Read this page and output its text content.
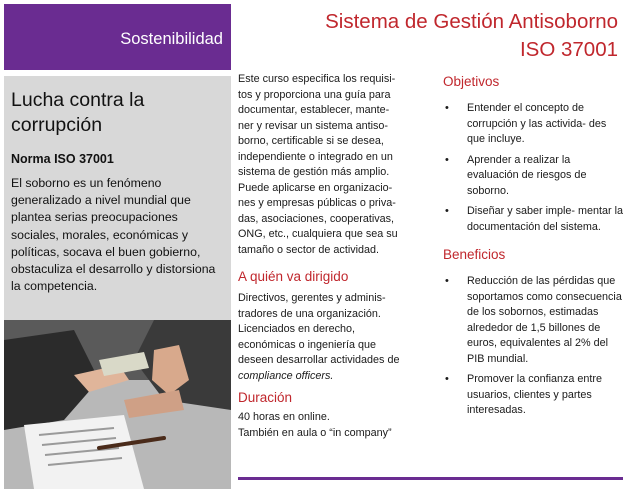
Sostenibilidad
Lucha contra la
corrupción
Norma ISO 37001
El soborno es un fenómeno generalizado a nivel mundial que plantea serias preocupaciones sociales, morales, económicas y políticas, socava el buen gobierno, obstaculiza el desarrollo y distorsiona la competencia.
Sistema de Gestión Antisoborno
ISO 37001
Este curso especifica los requisi-
tos y proporciona una guía para
documentar, establecer, mante-
ner y revisar un sistema antiso-
borno, certificable si se desea,
independiente o integrado en un
sistema de gestión más amplio.
Puede aplicarse en organizacio-
nes y empresas públicas o priva-
das, asociaciones, cooperativas,
ONG, etc., cualquiera que sea su
tamaño o sector de actividad.
A quién va dirigido
Directivos, gerentes y adminis-
tradores de una organización.
Licenciados en derecho,
económicas o ingeniería que
deseen desarrollar actividades de
compliance officers.
Duración
40 horas en online.
También en aula o “in company”
Objetivos
• Entender el concepto de corrupción y las activida- des que incluye.
• Aprender a realizar la evaluación de riesgos de soborno.
• Diseñar y saber imple- mentar la documentación del sistema.
Beneficios
• Reducción de las pérdidas que soportamos como consecuencia de los sobornos, estimadas alrededor de 1,5 billones de euros, equivalentes al 2% del PIB mundial.
• Promover la confianza entre usuarios, clientes y partes interesadas.
